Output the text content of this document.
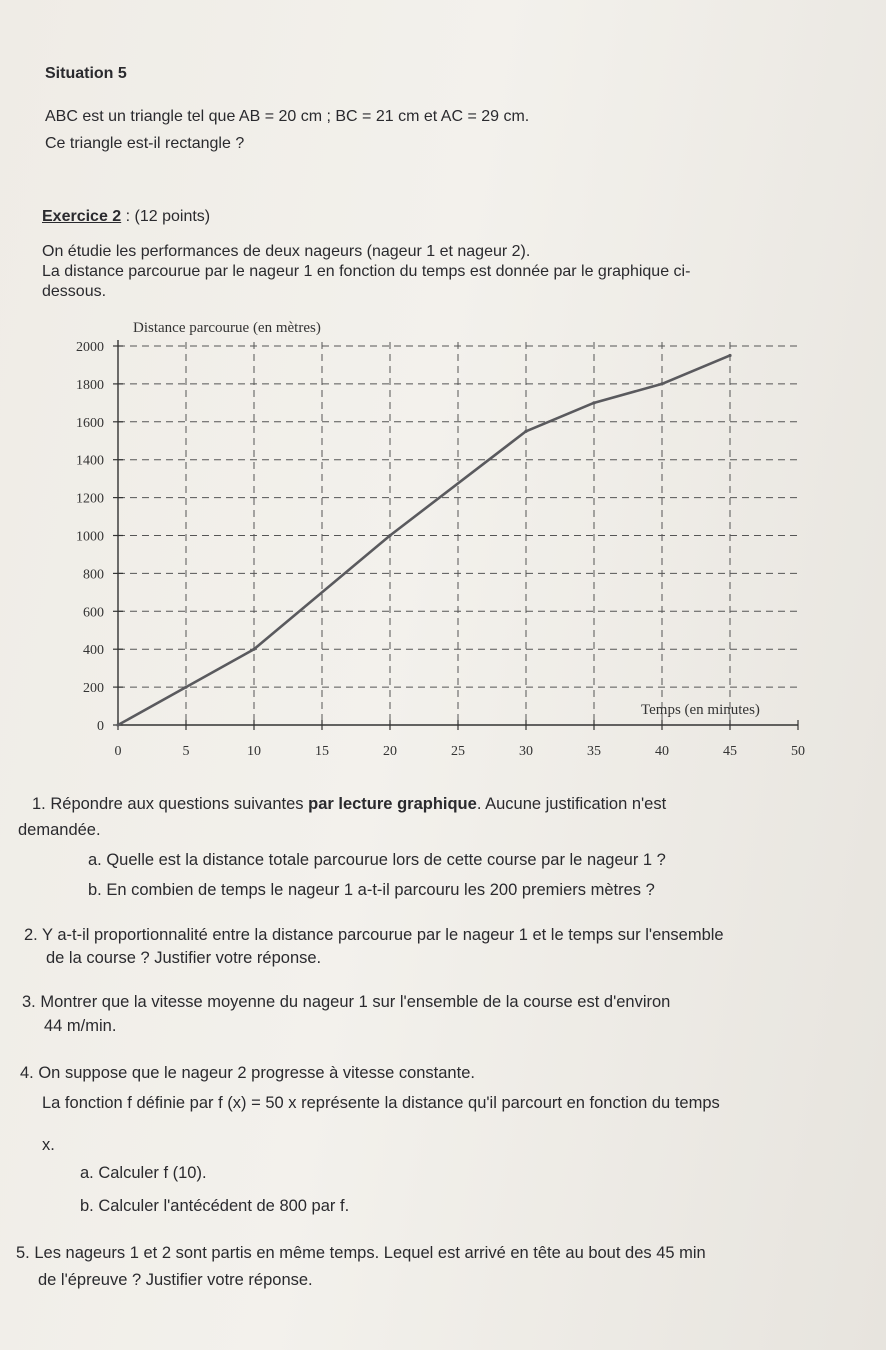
Situation 5
ABC est un triangle tel que AB = 20 cm ; BC = 21 cm et AC = 29 cm.
Ce triangle est-il rectangle ?
Exercice 2 : (12 points)
On étudie les performances de deux nageurs (nageur 1 et nageur 2).
La distance parcourue par le nageur 1 en fonction du temps est donnée par le graphique ci-
dessous.
0
200
400
600
800
1000
1200
1400
1600
1800
2000
0	5	10	15	20	25	30	35	40	45	50
Distance parcourue (en mètres)
Temps (en minutes)
1. Répondre aux questions suivantes par lecture graphique. Aucune justification n'est
demandée.
a. Quelle est la distance totale parcourue lors de cette course par le nageur 1 ?
b. En combien de temps le nageur 1 a-t-il parcouru les 200 premiers mètres ?
2. Y a-t-il proportionnalité entre la distance parcourue par le nageur 1 et le temps sur l'ensemble
de la course ? Justifier votre réponse.
3. Montrer que la vitesse moyenne du nageur 1 sur l'ensemble de la course est d'environ
44 m/min.
4. On suppose que le nageur 2 progresse à vitesse constante.
La fonction f définie par f (x) = 50 x représente la distance qu'il parcourt en fonction du temps
x.
a. Calculer f (10).
b. Calculer l'antécédent de 800 par f.
5. Les nageurs 1 et 2 sont partis en même temps. Lequel est arrivé en tête au bout des 45 min
de l'épreuve ? Justifier votre réponse.
